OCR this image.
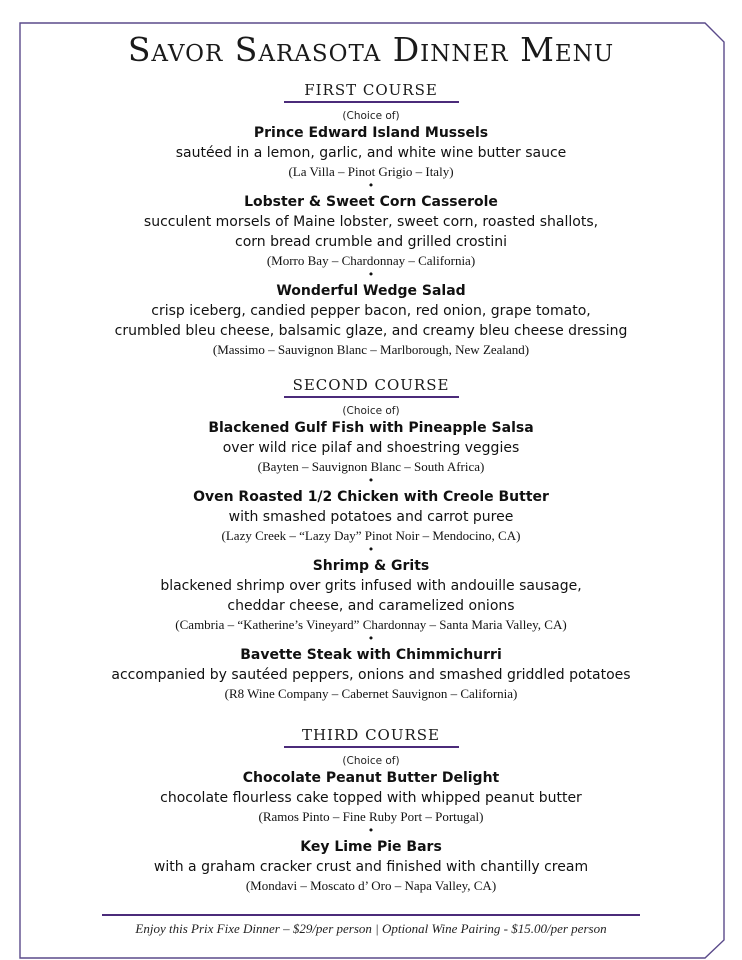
Savor Sarasota Dinner Menu
FIRST COURSE
(Choice of)
Prince Edward Island Mussels
sautéed in a lemon, garlic, and white wine butter sauce
(La Villa – Pinot Grigio – Italy)
•
Lobster & Sweet Corn Casserole
succulent morsels of Maine lobster, sweet corn, roasted shallots,
corn bread crumble and grilled crostini
(Morro Bay – Chardonnay – California)
•
Wonderful Wedge Salad
crisp iceberg, candied pepper bacon, red onion, grape tomato,
crumbled bleu cheese, balsamic glaze, and creamy bleu cheese dressing
(Massimo – Sauvignon Blanc – Marlborough, New Zealand)
SECOND COURSE
(Choice of)
Blackened Gulf Fish with Pineapple Salsa
over wild rice pilaf and shoestring veggies
(Bayten – Sauvignon Blanc – South Africa)
•
Oven Roasted 1/2 Chicken with Creole Butter
with smashed potatoes and carrot puree
(Lazy Creek – “Lazy Day” Pinot Noir – Mendocino, CA)
•
Shrimp & Grits
blackened shrimp over grits infused with andouille sausage,
cheddar cheese, and caramelized onions
(Cambria – “Katherine’s Vineyard” Chardonnay – Santa Maria Valley, CA)
•
Bavette Steak with Chimmichurri
accompanied by sautéed peppers, onions and smashed griddled potatoes
(R8 Wine Company – Cabernet Sauvignon – California)
THIRD COURSE
(Choice of)
Chocolate Peanut Butter Delight
chocolate flourless cake topped with whipped peanut butter
(Ramos Pinto – Fine Ruby Port – Portugal)
•
Key Lime Pie Bars
with a graham cracker crust and finished with chantilly cream
(Mondavi – Moscato d’ Oro – Napa Valley, CA)
Enjoy this Prix Fixe Dinner – $29/per person | Optional Wine Pairing - $15.00/per person
